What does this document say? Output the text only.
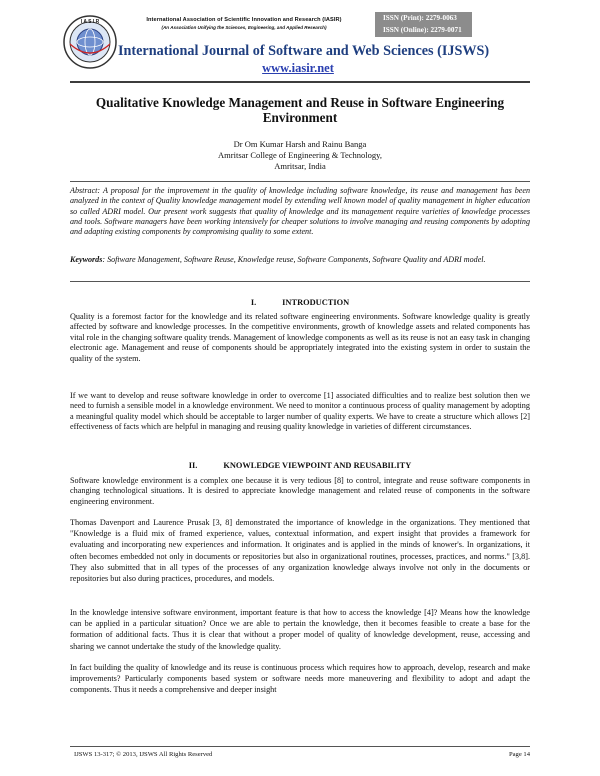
I A S I R	International Association of Scientific Innovation and Research (IASIR)
(An Association Unifying the Sciences, Engineering, and Applied Research)
ISSN (Print): 2279-0063
ISSN (Online): 2279-0071
International Journal of Software and Web Sciences (IJSWS)
www.iasir.net
Qualitative Knowledge Management and Reuse in Software Engineering Environment
Dr Om Kumar Harsh and Rainu Banga
Amritsar College of Engineering & Technology,
Amritsar, India
Abstract: A proposal for the improvement in the quality of knowledge including software knowledge, its reuse and management has been analyzed in the context of Quality knowledge management model by extending well known model of quality management in higher education so called ADRI model. Our present work suggests that quality of knowledge and its management require varieties of knowledge processes and tools. Software managers have been working intensively for cheaper solutions to involve managing and reusing components by adopting and adapting existing components by compromising quality to some extent.
Keywords: Software Management, Software Reuse, Knowledge reuse, Software Components, Software Quality and ADRI model.
I.	INTRODUCTION
Quality is a foremost factor for the knowledge and its related software engineering environments. Software knowledge quality is greatly affected by software and knowledge processes. In the competitive environments, growth of knowledge assets and related components has vital role in the changing software quality trends. Management of knowledge components as well as its reuse is not an easy task in changing electronic age. Management and reuse of components should be appropriately integrated into the existing system in order to sustain the quality of the system.
If we want to develop and reuse software knowledge in order to overcome [1] associated difficulties and to realize best solution then we need to furnish a sensible model in a knowledge environment. We need to monitor a continuous process of quality management by adopting a meaningful quality model which should be acceptable to larger number of quality experts. We have to create a structure which allows [2] effectiveness of facts which are helpful in managing and reusing quality knowledge in varieties of different circumstances.
II.	KNOWLEDGE VIEWPOINT AND REUSABILITY
Software knowledge environment is a complex one because it is very tedious [8] to control, integrate and reuse software components in changing technological situations. It is desired to appreciate knowledge management and related reuse of components in the software engineering environment.
Thomas Davenport and Laurence Prusak [3, 8] demonstrated the importance of knowledge in the organizations. They mentioned that "Knowledge is a fluid mix of framed experience, values, contextual information, and expert insight that provides a framework for evaluating and incorporating new experiences and information. It originates and is applied in the minds of knower's. In organizations, it often becomes embedded not only in documents or repositories but also in organizational routines, processes, practices, and norms." [3,8]. They also submitted that in all types of the processes of any organization knowledge always involve not only in the documents or repositories but also during practices, procedures, and models.
In the knowledge intensive software environment, important feature is that how to access the knowledge [4]? Means how the knowledge can be applied in a particular situation? Once we are able to pertain the knowledge, then it becomes feasible to create a base for the formation of additional facts. Thus it is clear that without a proper model of quality of knowledge development, reuse, accessing and sharing we cannot undertake the study of the knowledge quality.
In fact building the quality of knowledge and its reuse is continuous process which requires how to approach, develop, research and make improvements? Particularly components based system or software needs more maneuvering and flexibility to adopt and adapt the components. Thus it needs a comprehensive and deeper insight
IJSWS 13-317; © 2013, IJSWS All Rights Reserved	Page 14
